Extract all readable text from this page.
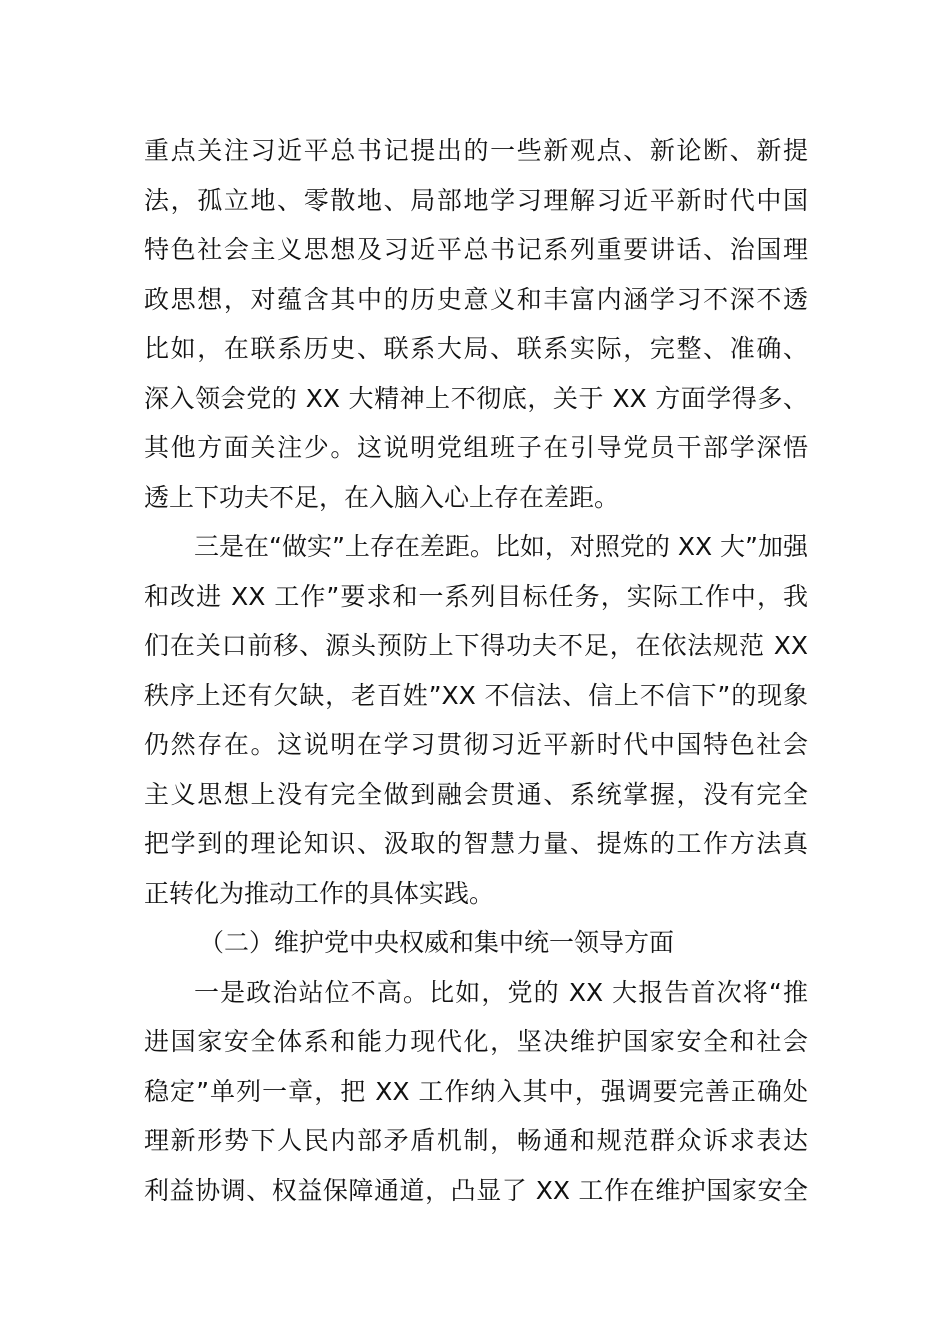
重点关注习近平总书记提出的一些新观点、新论断、新提
法，孤立地、零散地、局部地学习理解习近平新时代中国
特色社会主义思想及习近平总书记系列重要讲话、治国理
政思想，对蕴含其中的历史意义和丰富内涵学习不深不透
比如，在联系历史、联系大局、联系实际，完整、准确、
深入领会党的 XX 大精神上不彻底，关于 XX 方面学得多、
其他方面关注少。这说明党组班子在引导党员干部学深悟
透上下功夫不足，在入脑入心上存在差距。
三是在“做实”上存在差距。比如，对照党的 XX 大”加强
和改进 XX 工作”要求和一系列目标任务，实际工作中，我
们在关口前移、源头预防上下得功夫不足，在依法规范 XX
秩序上还有欠缺，老百姓”XX 不信法、信上不信下”的现象
仍然存在。这说明在学习贯彻习近平新时代中国特色社会
主义思想上没有完全做到融会贯通、系统掌握，没有完全
把学到的理论知识、汲取的智慧力量、提炼的工作方法真
正转化为推动工作的具体实践。
（二）维护党中央权威和集中统一领导方面
一是政治站位不高。比如，党的 XX 大报告首次将“推
进国家安全体系和能力现代化，坚决维护国家安全和社会
稳定”单列一章，把 XX 工作纳入其中，强调要完善正确处
理新形势下人民内部矛盾机制，畅通和规范群众诉求表达
利益协调、权益保障通道，凸显了 XX 工作在维护国家安全
